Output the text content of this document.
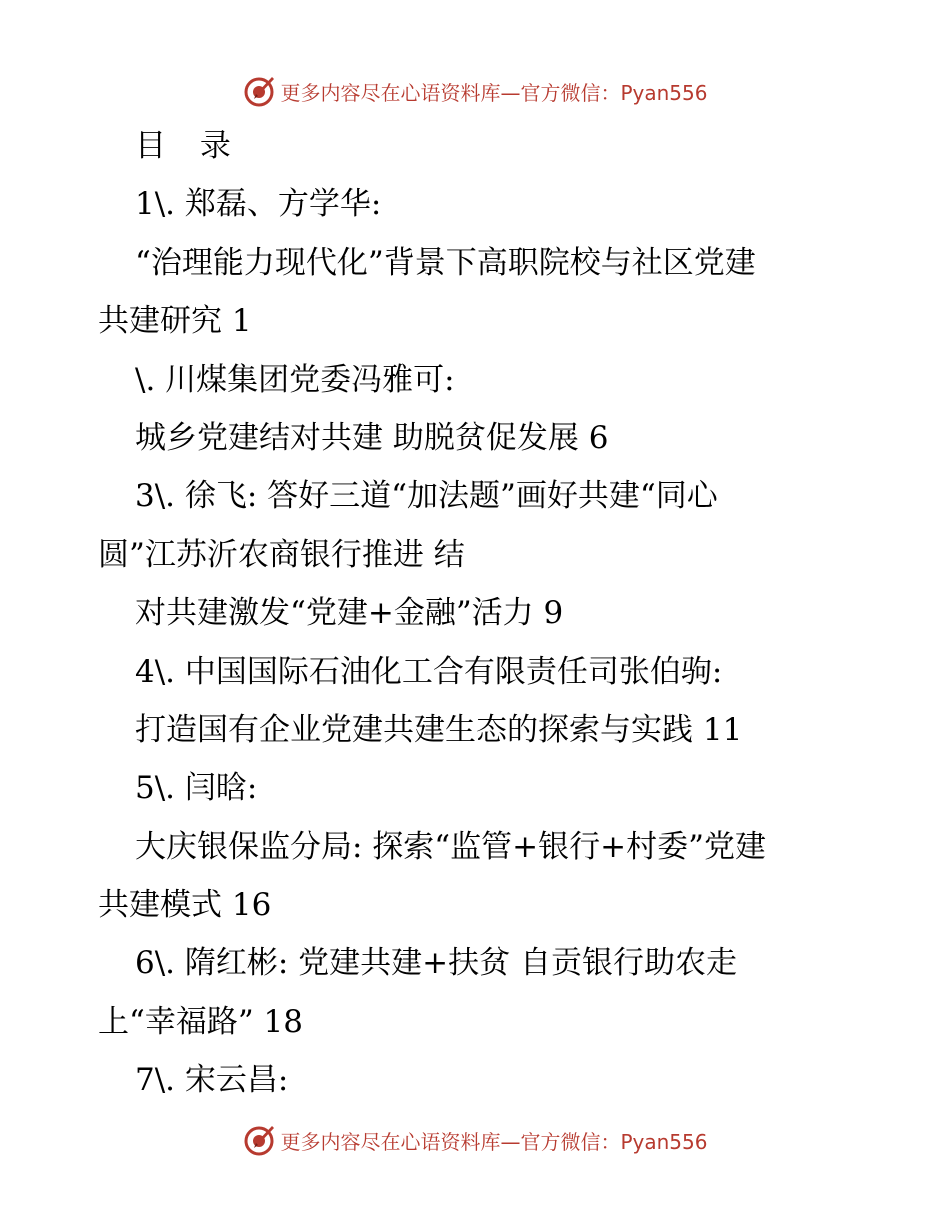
更多内容尽在心语资料库—官方微信：Pyan556
目 录
1\. 郑磊、方学华:
“治理能力现代化”背景下高职院校与社区党建
共建研究 1
\. 川煤集团党委冯雅可:
城乡党建结对共建 助脱贫促发展 6
3\. 徐飞: 答好三道“加法题”画好共建“同心
圆”江苏沂农商银行推进 结
对共建激发“党建+金融”活力 9
4\. 中国国际石油化工合有限责任司张伯驹:
打造国有企业党建共建生态的探索与实践 11
5\. 闫晗:
大庆银保监分局: 探索“监管+银行+村委”党建
共建模式 16
6\. 隋红彬: 党建共建+扶贫 自贡银行助农走
上“幸福路” 18
7\. 宋云昌:
更多内容尽在心语资料库—官方微信：Pyan556
